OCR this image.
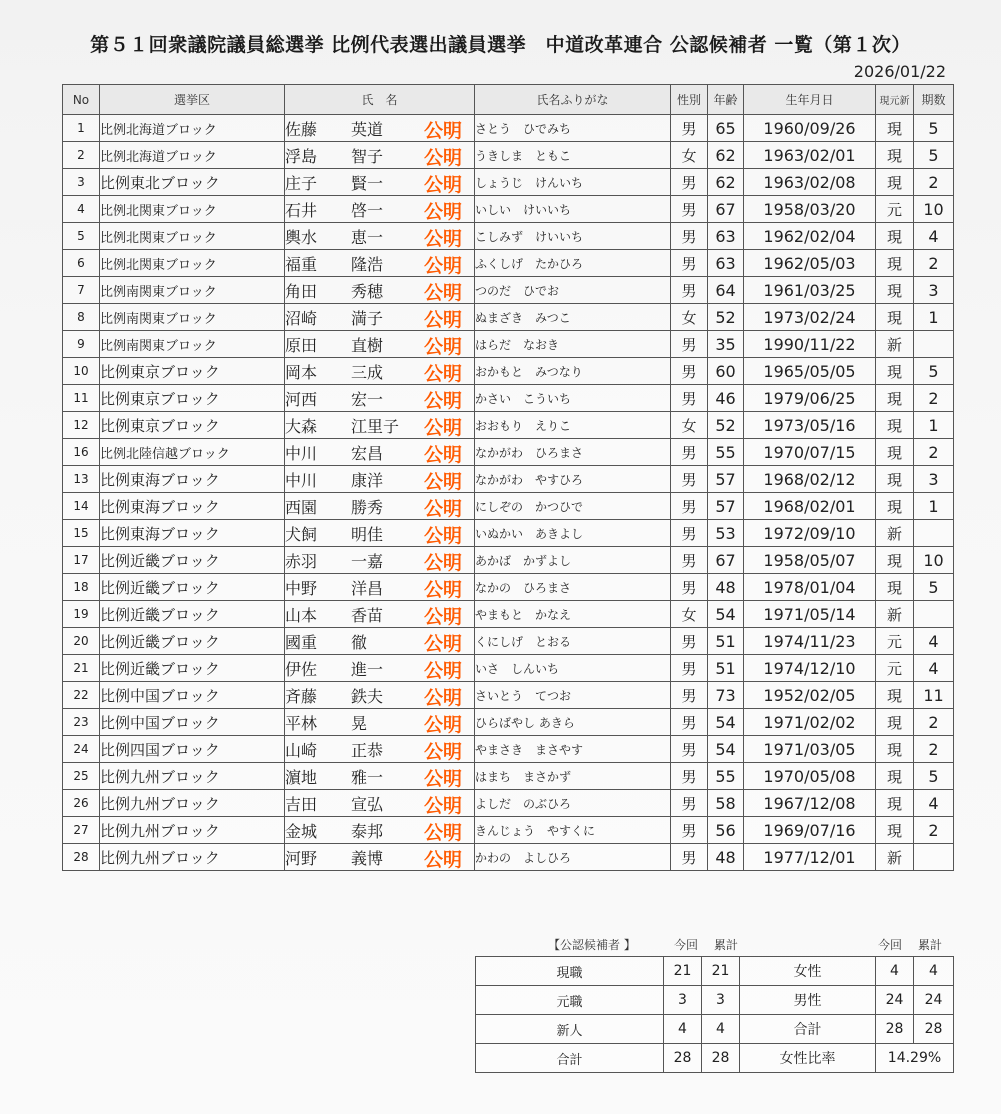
第５１回衆議院議員総選挙 比例代表選出議員選挙　中道改革連合 公認候補者 一覧（第１次）
2026/01/22
No	選挙区	氏　名	氏名ふりがな	性別	年齢	生年月日	現元新	期数
1	比例北海道ブロック	佐藤 英道 公明	さとう　ひでみち	男	65	1960/09/26	現	5
2	比例北海道ブロック	浮島 智子 公明	うきしま　ともこ	女	62	1963/02/01	現	5
3	比例東北ブロック	庄子 賢一 公明	しょうじ　けんいち	男	62	1963/02/08	現	2
4	比例北関東ブロック	石井 啓一 公明	いしい　けいいち	男	67	1958/03/20	元	10
5	比例北関東ブロック	輿水 恵一 公明	こしみず　けいいち	男	63	1962/02/04	現	4
6	比例北関東ブロック	福重 隆浩 公明	ふくしげ　たかひろ	男	63	1962/05/03	現	2
7	比例南関東ブロック	角田 秀穂 公明	つのだ　ひでお	男	64	1961/03/25	現	3
8	比例南関東ブロック	沼崎 満子 公明	ぬまざき　みつこ	女	52	1973/02/24	現	1
9	比例南関東ブロック	原田 直樹 公明	はらだ　なおき	男	35	1990/11/22	新	
10	比例東京ブロック	岡本 三成 公明	おかもと　みつなり	男	60	1965/05/05	現	5
11	比例東京ブロック	河西 宏一 公明	かさい　こういち	男	46	1979/06/25	現	2
12	比例東京ブロック	大森 江里子 公明	おおもり　えりこ	女	52	1973/05/16	現	1
16	比例北陸信越ブロック	中川 宏昌 公明	なかがわ　ひろまさ	男	55	1970/07/15	現	2
13	比例東海ブロック	中川 康洋 公明	なかがわ　やすひろ	男	57	1968/02/12	現	3
14	比例東海ブロック	西園 勝秀 公明	にしぞの　かつひで	男	57	1968/02/01	現	1
15	比例東海ブロック	犬飼 明佳 公明	いぬかい　あきよし	男	53	1972/09/10	新	
17	比例近畿ブロック	赤羽 一嘉 公明	あかば　かずよし	男	67	1958/05/07	現	10
18	比例近畿ブロック	中野 洋昌 公明	なかの　ひろまさ	男	48	1978/01/04	現	5
19	比例近畿ブロック	山本 香苗 公明	やまもと　かなえ	女	54	1971/05/14	新	
20	比例近畿ブロック	國重 徹 公明	くにしげ　とおる	男	51	1974/11/23	元	4
21	比例近畿ブロック	伊佐 進一 公明	いさ　しんいち	男	51	1974/12/10	元	4
22	比例中国ブロック	斉藤 鉄夫 公明	さいとう　てつお	男	73	1952/02/05	現	11
23	比例中国ブロック	平林 晃 公明	ひらばやし あきら	男	54	1971/02/02	現	2
24	比例四国ブロック	山崎 正恭 公明	やまさき　まさやす	男	54	1971/03/05	現	2
25	比例九州ブロック	濵地 雅一 公明	はまち　まさかず	男	55	1970/05/08	現	5
26	比例九州ブロック	吉田 宣弘 公明	よしだ　のぶひろ	男	58	1967/12/08	現	4
27	比例九州ブロック	金城 泰邦 公明	きんじょう　やすくに	男	56	1969/07/16	現	2
28	比例九州ブロック	河野 義博 公明	かわの　よしひろ	男	48	1977/12/01	新	
【公認候補者 】	今回 累計	今回 累計
現職	21	21	女性	4	4
元職	3	3	男性	24	24
新人	4	4	合計	28	28
合計	28	28	女性比率	14.29%	
